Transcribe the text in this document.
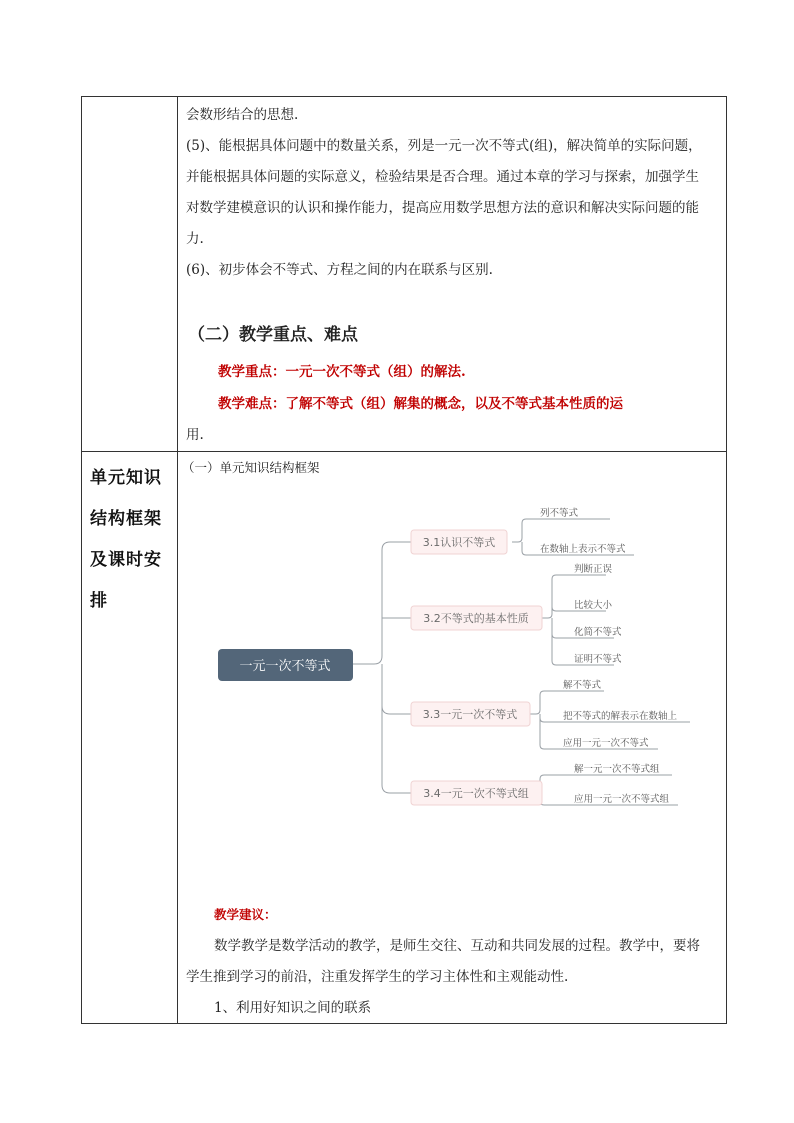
会数形结合的思想.
(5)、能根据具体问题中的数量关系，列是一元一次不等式(组)，解决简单的实际问题，
并能根据具体问题的实际意义，检验结果是否合理。通过本章的学习与探索，加强学生
对数学建模意识的认识和操作能力，提高应用数学思想方法的意识和解决实际问题的能
力.
(6)、初步体会不等式、方程之间的内在联系与区别.
（二）教学重点、难点
教学重点：一元一次不等式（组）的解法.
教学难点：了解不等式（组）解集的概念，以及不等式基本性质的运
用.
单元知识
结构框架
及课时安
排
（一）单元知识结构框架
一元一次不等式
3.1认识不等式
3.2不等式的基本性质
3.3一元一次不等式
3.4一元一次不等式组
列不等式
在数轴上表示不等式
判断正误
比较大小
化简不等式
证明不等式
解不等式
把不等式的解表示在数轴上
应用一元一次不等式
解一元一次不等式组
应用一元一次不等式组
教学建议：
数学教学是数学活动的教学，是师生交往、互动和共同发展的过程。教学中，要将
学生推到学习的前沿，注重发挥学生的学习主体性和主观能动性.
1、利用好知识之间的联系
